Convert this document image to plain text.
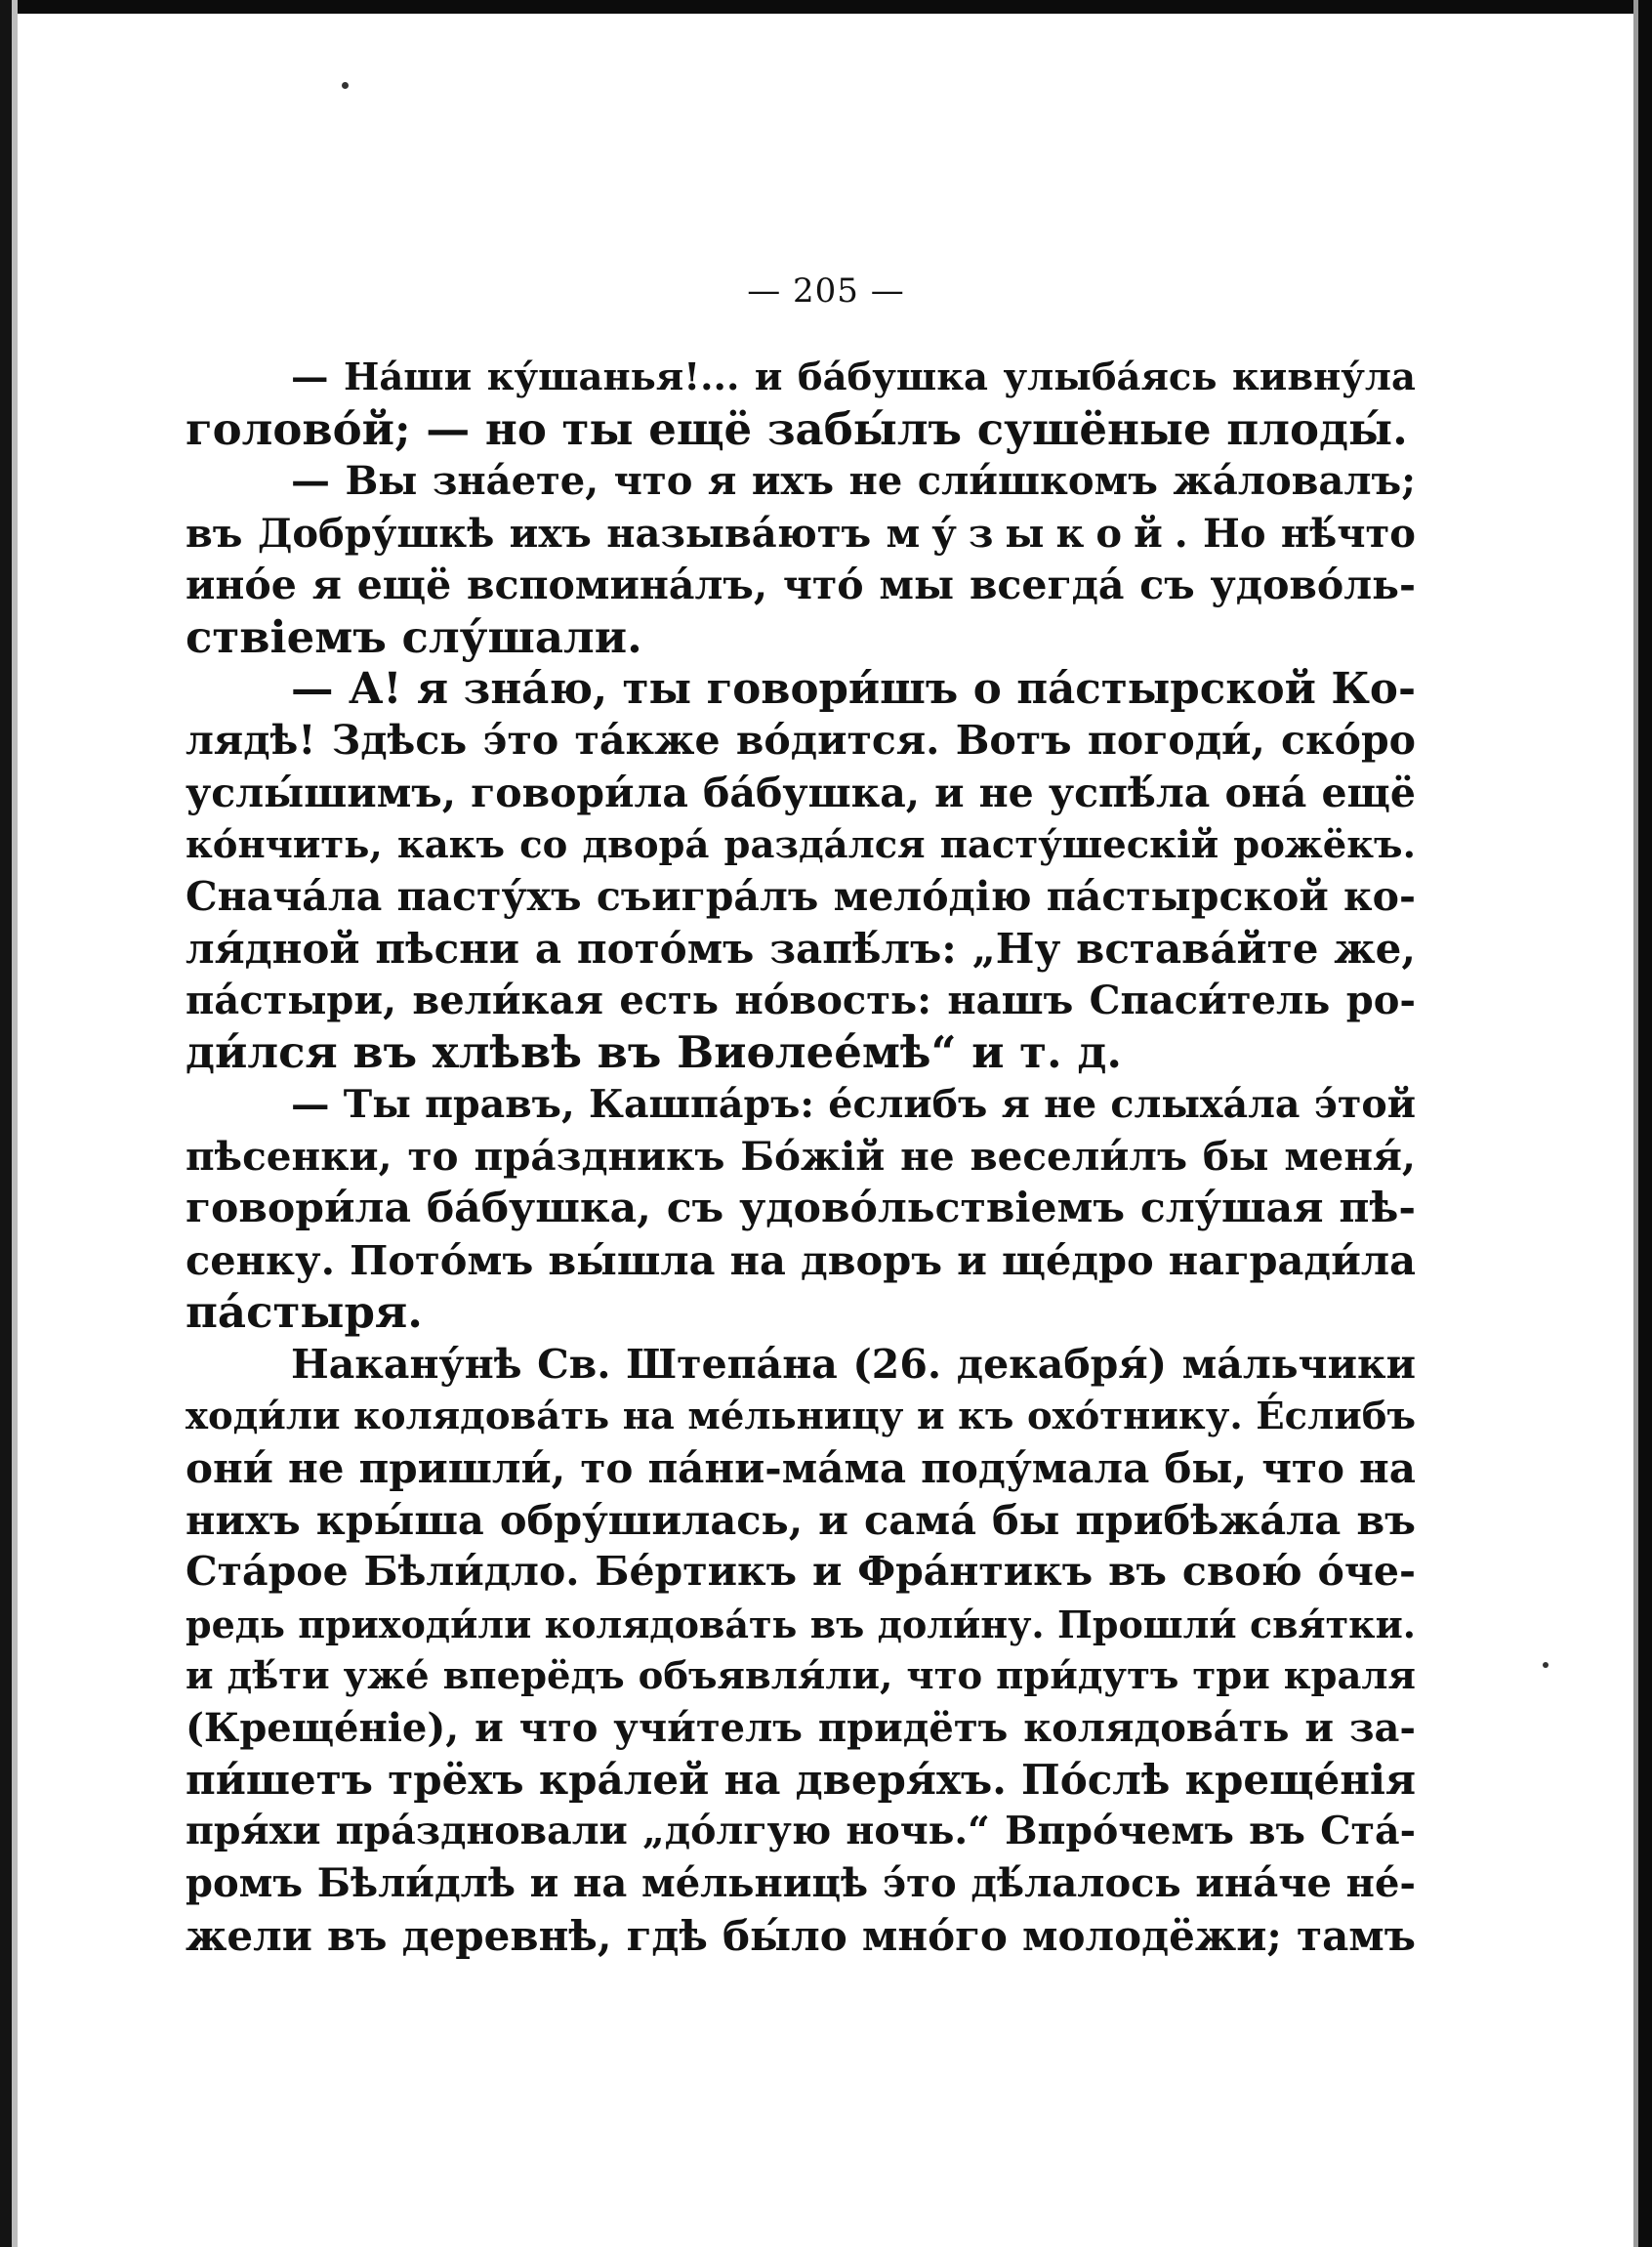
— 205 —
— На́ши ку́шанья!... и ба́бушка улыба́ясь кивну́ла
голово́й; — но ты ещё забы́лъ сушёные плоды́.
— Вы зна́ете, что я ихъ не сли́шкомъ жа́ловалъ;
въ Добру́шкѣ ихъ называ́ютъ му́зыкой. Но нѣ́что
ино́е я ещё вспомина́лъ, что́ мы всегда́ съ удово́ль-
ствіемъ слу́шали.
— А! я зна́ю, ты говори́шъ о па́стырской Ко-
лядѣ! Здѣсь э́то та́кже во́дится. Вотъ погоди́, ско́ро
услы́шимъ, говори́ла ба́бушка, и не успѣ́ла она́ ещё
ко́нчить, какъ со двора́ разда́лся пасту́шескій рожёкъ.
Снача́ла пасту́хъ съигра́лъ мело́дію па́стырской ко-
ля́дной пѣсни а пото́мъ запѣ́лъ: „Ну встава́йте же,
па́стыри, вели́кая есть но́вость: нашъ Спаси́тель ро-
ди́лся въ хлѣвѣ въ Виѳлее́мѣ“ и т. д.
— Ты правъ, Кашпа́ръ: е́слибъ я не слыха́ла э́той
пѣсенки, то пра́здникъ Бо́жій не весели́лъ бы меня́,
говори́ла ба́бушка, съ удово́льствіемъ слу́шая пѣ-
сенку. Пото́мъ вы́шла на дворъ и ще́дро награди́ла
па́стыря.
Накану́нѣ Св. Штепа́на (26. декабря́) ма́льчики
ходи́ли колядова́ть на ме́льницу и къ охо́тнику. Е́слибъ
они́ не пришли́, то па́ни-ма́ма поду́мала бы, что на
нихъ кры́ша обру́шилась, и сама́ бы прибѣжа́ла въ
Ста́рое Бѣли́дло. Бе́ртикъ и Фра́нтикъ въ свою́ о́че-
редь приходи́ли колядова́ть въ доли́ну. Прошли́ свя́тки.
и дѣ́ти уже́ вперёдъ объявля́ли, что при́дутъ три краля
(Креще́ніе), и что учи́телъ придётъ колядова́ть и за-
пи́шетъ трёхъ кра́лей на дверя́хъ. По́слѣ креще́нія
пря́хи пра́здновали „до́лгую ночь.“ Впро́чемъ въ Ста́-
ромъ Бѣли́длѣ и на ме́льницѣ э́то дѣ́лалось ина́че не́-
жели въ деревнѣ, гдѣ бы́ло мно́го молодёжи; тамъ
